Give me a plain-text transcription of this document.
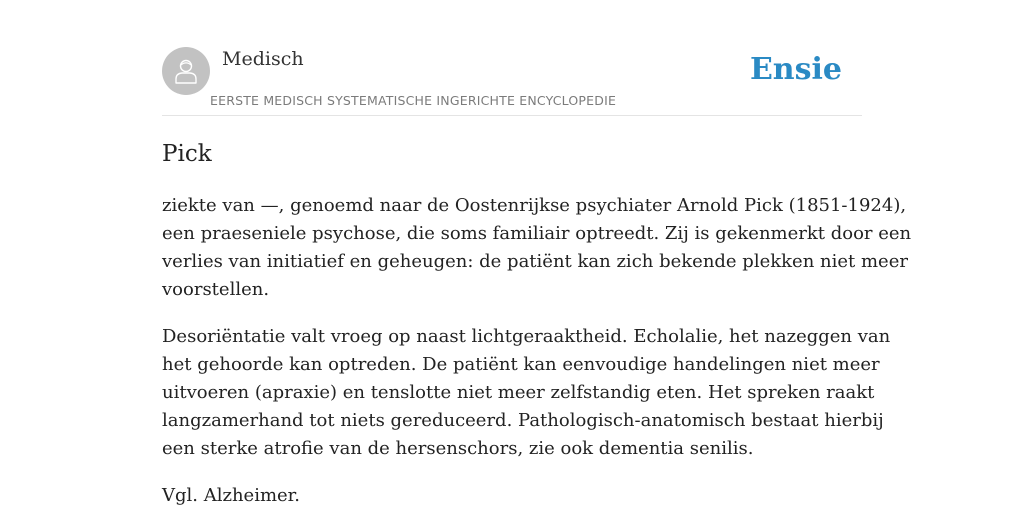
Medisch
EERSTE MEDISCH SYSTEMATISCHE INGERICHTE ENCYCLOPEDIE
Ensie
Pick

ziekte van —, genoemd naar de Oostenrijkse psychiater Arnold Pick (1851-1924),

een praeseniele psychose, die soms familiair optreedt. Zij is gekenmerkt door een

verlies van initiatief en geheugen: de patiënt kan zich bekende plekken niet meer

voorstellen.

Desoriëntatie valt vroeg op naast lichtgeraaktheid. Echolalie, het nazeggen van

het gehoorde kan optreden. De patiënt kan eenvoudige handelingen niet meer

uitvoeren (apraxie) en tenslotte niet meer zelfstandig eten. Het spreken raakt

langzamerhand tot niets gereduceerd. Pathologisch-anatomisch bestaat hierbij

een sterke atrofie van de hersenschors, zie ook dementia senilis.

Vgl. Alzheimer.
